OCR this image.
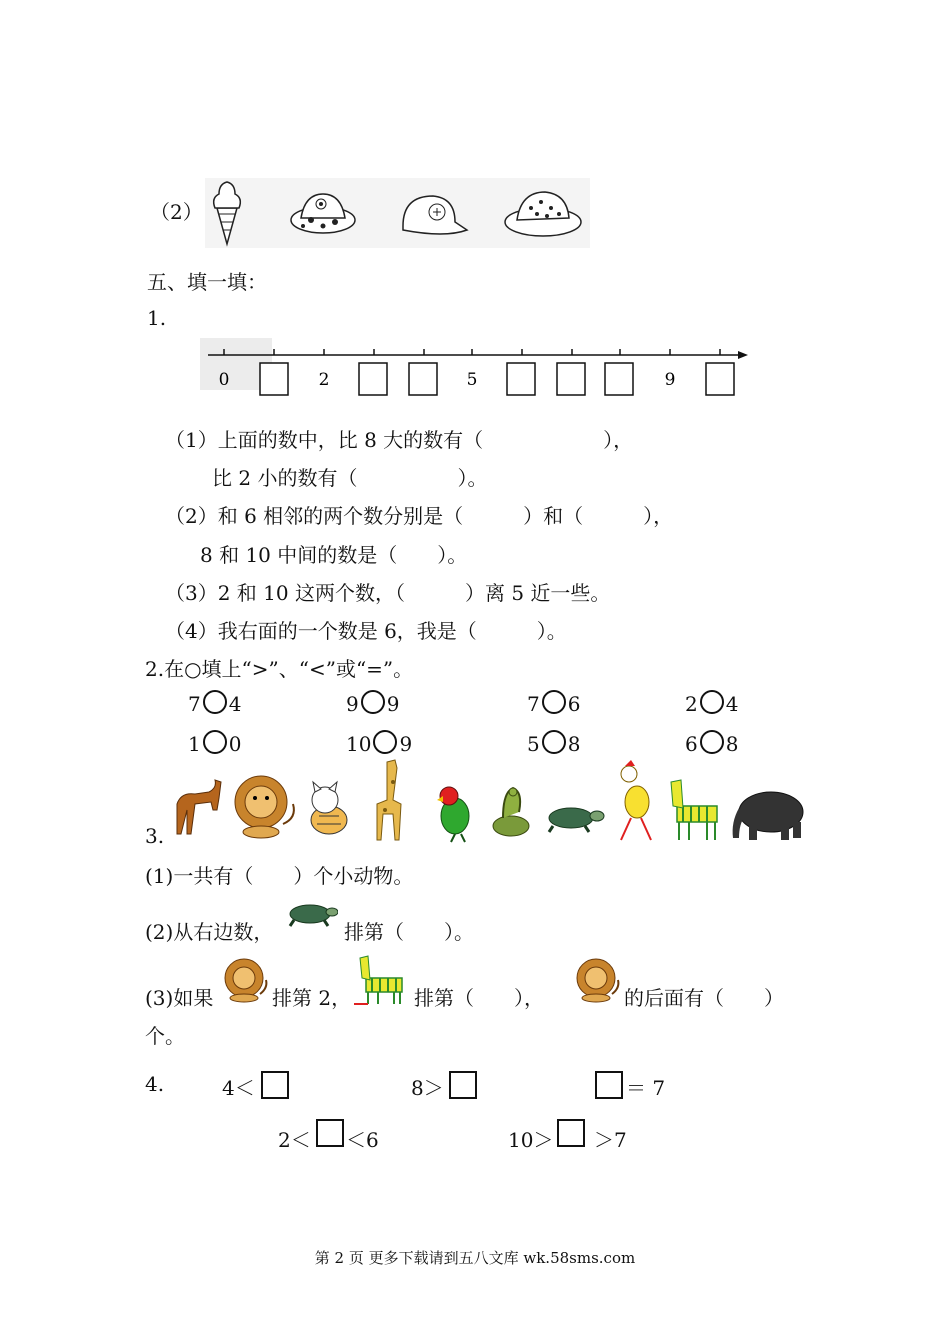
（2）
五、填一填：
1.
0	2	5	9
（1）上面的数中，比 8 大的数有（　　　　　　），
比 2 小的数有（　　　　　）。
（2）和 6 相邻的两个数分别是（　　　）和（　　　），
8 和 10 中间的数是（　　）。
（3）2 和 10 这两个数，（　　　）离 5 近一些。
（4）我右面的一个数是 6，我是（　　　）。
2.在○填上“>”、“<”或“=”。
7 4	9 9	7 6	2 4
1 0	10 9	5 8	6 8
3.
(1)一共有（　　）个小动物。
(2)从右边数，	排第（　　）。
(3)如果	排第 2，	排第（　　），	的后面有（　　）
个。
4.	4＜	8＞	＝ 7
2＜ ＜6	10＞ ＞7
第 2 页 更多下载请到五八文库 wk.58sms.com
